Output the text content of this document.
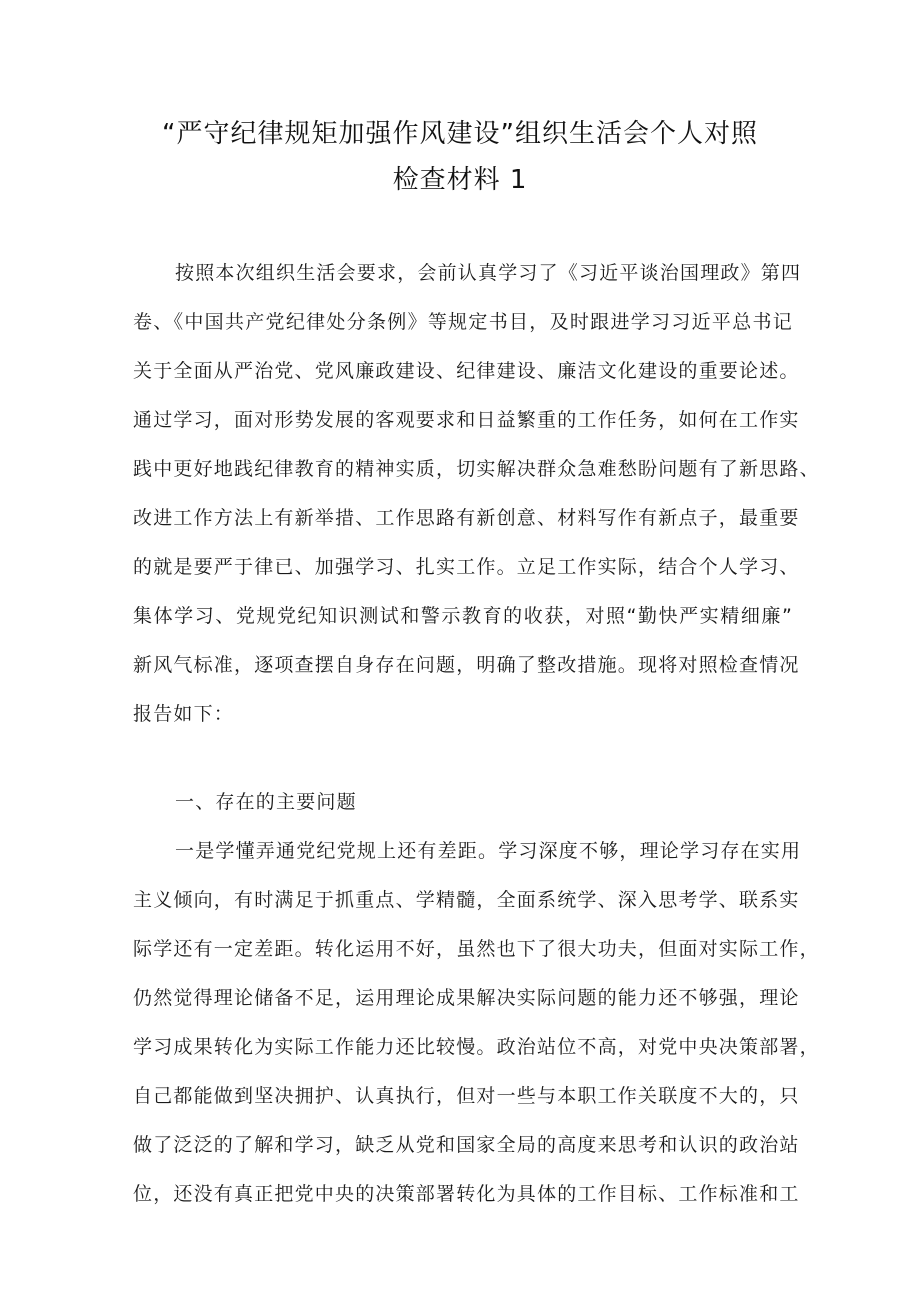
“严守纪律规矩加强作风建设”组织生活会个人对照
检查材料 1
按照本次组织生活会要求，会前认真学习了《习近平谈治国理政》第四
卷、《中国共产党纪律处分条例》等规定书目，及时跟进学习习近平总书记
关于全面从严治党、党风廉政建设、纪律建设、廉洁文化建设的重要论述。
通过学习，面对形势发展的客观要求和日益繁重的工作任务，如何在工作实
践中更好地践纪律教育的精神实质，切实解决群众急难愁盼问题有了新思路、
改进工作方法上有新举措、工作思路有新创意、材料写作有新点子，最重要
的就是要严于律已、加强学习、扎实工作。立足工作实际，结合个人学习、
集体学习、党规党纪知识测试和警示教育的收获，对照“勤快严实精细廉”
新风气标准，逐项查摆自身存在问题，明确了整改措施。现将对照检查情况
报告如下：
一、存在的主要问题
一是学懂弄通党纪党规上还有差距。学习深度不够，理论学习存在实用
主义倾向，有时满足于抓重点、学精髓，全面系统学、深入思考学、联系实
际学还有一定差距。转化运用不好，虽然也下了很大功夫，但面对实际工作，
仍然觉得理论储备不足，运用理论成果解决实际问题的能力还不够强，理论
学习成果转化为实际工作能力还比较慢。政治站位不高，对党中央决策部署，
自己都能做到坚决拥护、认真执行，但对一些与本职工作关联度不大的，只
做了泛泛的了解和学习，缺乏从党和国家全局的高度来思考和认识的政治站
位，还没有真正把党中央的决策部署转化为具体的工作目标、工作标准和工
